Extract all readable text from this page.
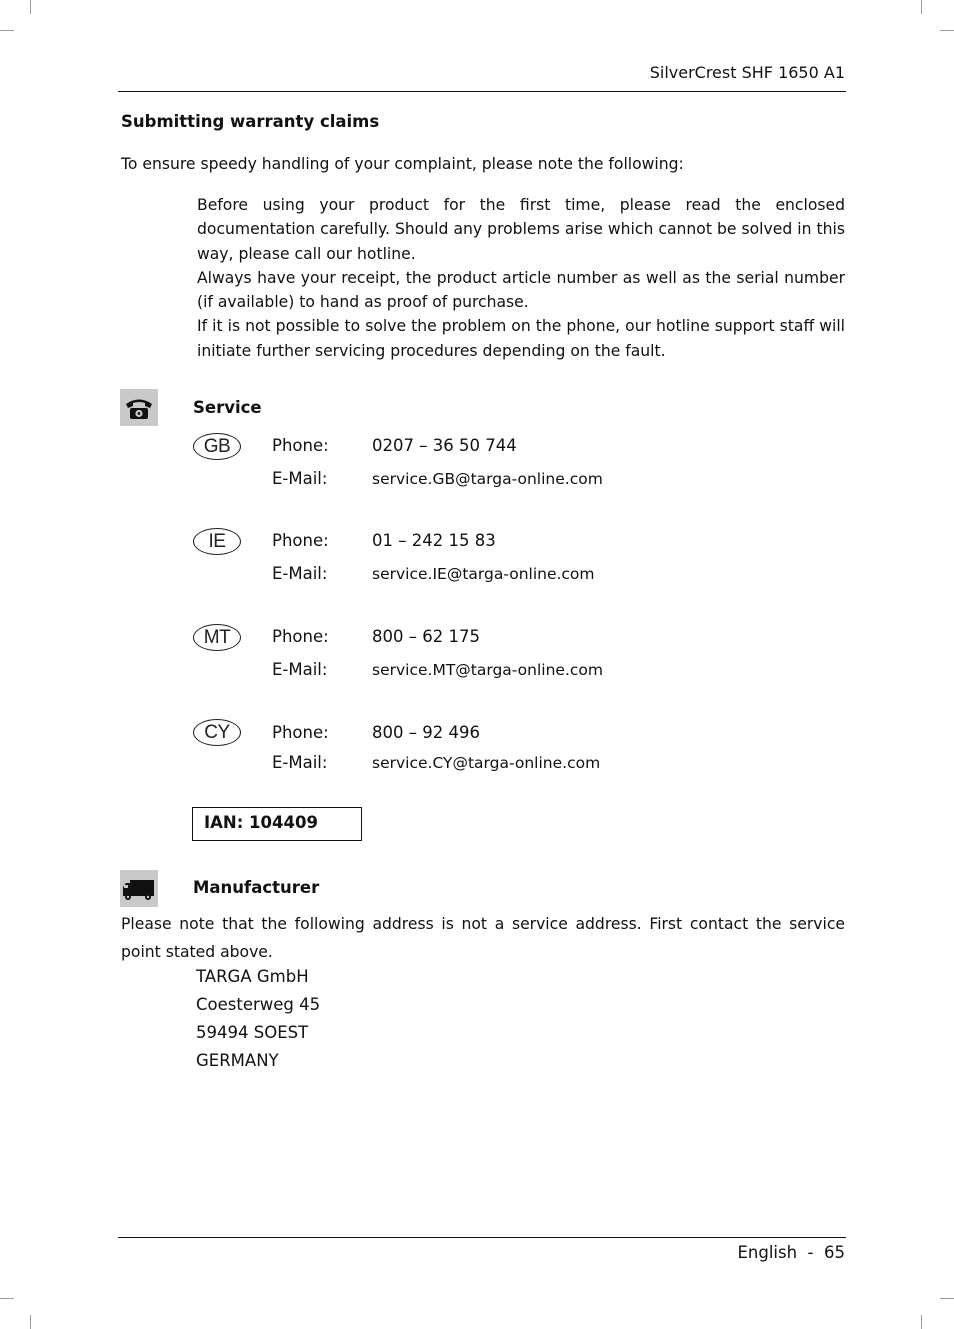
SilverCrest SHF 1650 A1
Submitting warranty claims
To ensure speedy handling of your complaint, please note the following:
Before using your product for the first time, please read the enclosed documentation carefully. Should any problems arise which cannot be solved in this way, please call our hotline.
Always have your receipt, the product article number as well as the serial number (if available) to hand as proof of purchase.
If it is not possible to solve the problem on the phone, our hotline support staff will initiate further servicing procedures depending on the fault.
Service
GB	Phone:	0207 – 36 50 744
E-Mail:	service.GB@targa-online.com
IE	Phone:	01 – 242 15 83
E-Mail:	service.IE@targa-online.com
MT	Phone:	800 – 62 175
E-Mail:	service.MT@targa-online.com
CY	Phone:	800 – 92 496
E-Mail:	service.CY@targa-online.com
IAN: 104409
Manufacturer
Please note that the following address is not a service address. First contact the service point stated above.
TARGA GmbH
Coesterweg 45
59494 SOEST
GERMANY
English  -  65
